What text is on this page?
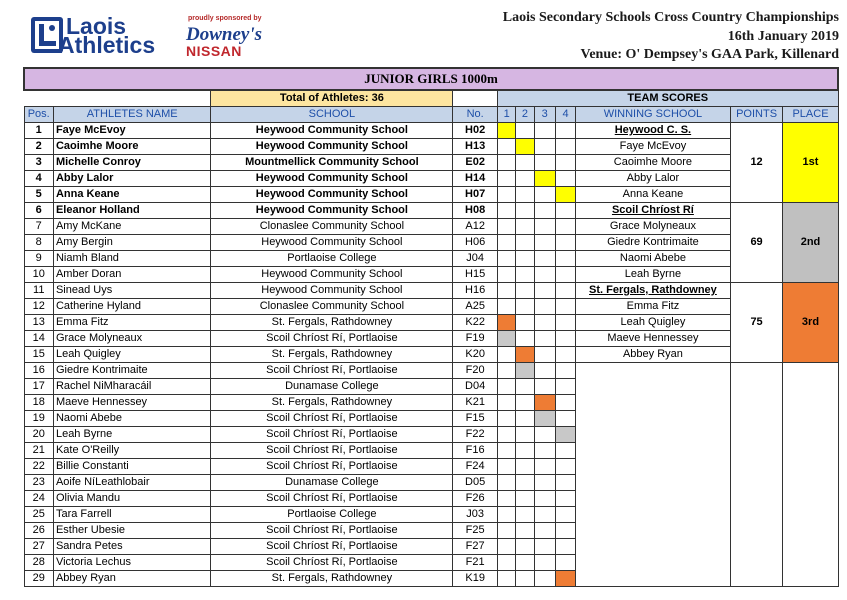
Laois
Athletics
proudly sponsored by
Downey's
NISSAN
Laois Secondary Schools Cross Country Championships
16th January 2019
Venue: O' Dempsey's GAA Park, Killenard
JUNIOR GIRLS 1000m										
		Total of Athletes: 36		TEAM SCORES						
Pos.	ATHLETES NAME	SCHOOL	No.	1	2	3	4	WINNING SCHOOL	POINTS	PLACE
1	Faye McEvoy	Heywood Community School	H02					Heywood C. S.	12	1st
2	Caoimhe Moore	Heywood Community School	H13					Faye McEvoy		
3	Michelle Conroy	Mountmellick Community School	E02					Caoimhe Moore		
4	Abby Lalor	Heywood Community School	H14					Abby Lalor		
5	Anna Keane	Heywood Community School	H07					Anna Keane		
6	Eleanor Holland	Heywood Community School	H08					Scoil Chríost Rí	69	2nd
7	Amy McKane	Clonaslee Community School	A12					Grace Molyneaux		
8	Amy Bergin	Heywood Community School	H06					Giedre Kontrimaite		
9	Niamh Bland	Portlaoise College	J04					Naomi Abebe		
10	Amber Doran	Heywood Community School	H15					Leah Byrne		
11	Sinead Uys	Heywood Community School	H16					St. Fergals, Rathdowney	75	3rd
12	Catherine Hyland	Clonaslee Community School	A25					Emma Fitz		
13	Emma Fitz	St. Fergals, Rathdowney	K22					Leah Quigley		
14	Grace Molyneaux	Scoil Chríost Rí, Portlaoise	F19					Maeve Hennessey		
15	Leah Quigley	St. Fergals, Rathdowney	K20					Abbey Ryan		
16	Giedre Kontrimaite	Scoil Chríost Rí, Portlaoise	F20							
17	Rachel NiMharacáil	Dunamase College	D04							
18	Maeve Hennessey	St. Fergals, Rathdowney	K21							
19	Naomi Abebe	Scoil Chríost Rí, Portlaoise	F15							
20	Leah Byrne	Scoil Chríost Rí, Portlaoise	F22							
21	Kate O'Reilly	Scoil Chríost Rí, Portlaoise	F16							
22	Billie Constanti	Scoil Chríost Rí, Portlaoise	F24							
23	Aoife NíLeathlobair	Dunamase College	D05							
24	Olivia Mandu	Scoil Chríost Rí, Portlaoise	F26							
25	Tara Farrell	Portlaoise College	J03							
26	Esther Ubesie	Scoil Chríost Rí, Portlaoise	F25							
27	Sandra Petes	Scoil Chríost Rí, Portlaoise	F27							
28	Victoria Lechus	Scoil Chríost Rí, Portlaoise	F21							
29	Abbey Ryan	St. Fergals, Rathdowney	K19							
